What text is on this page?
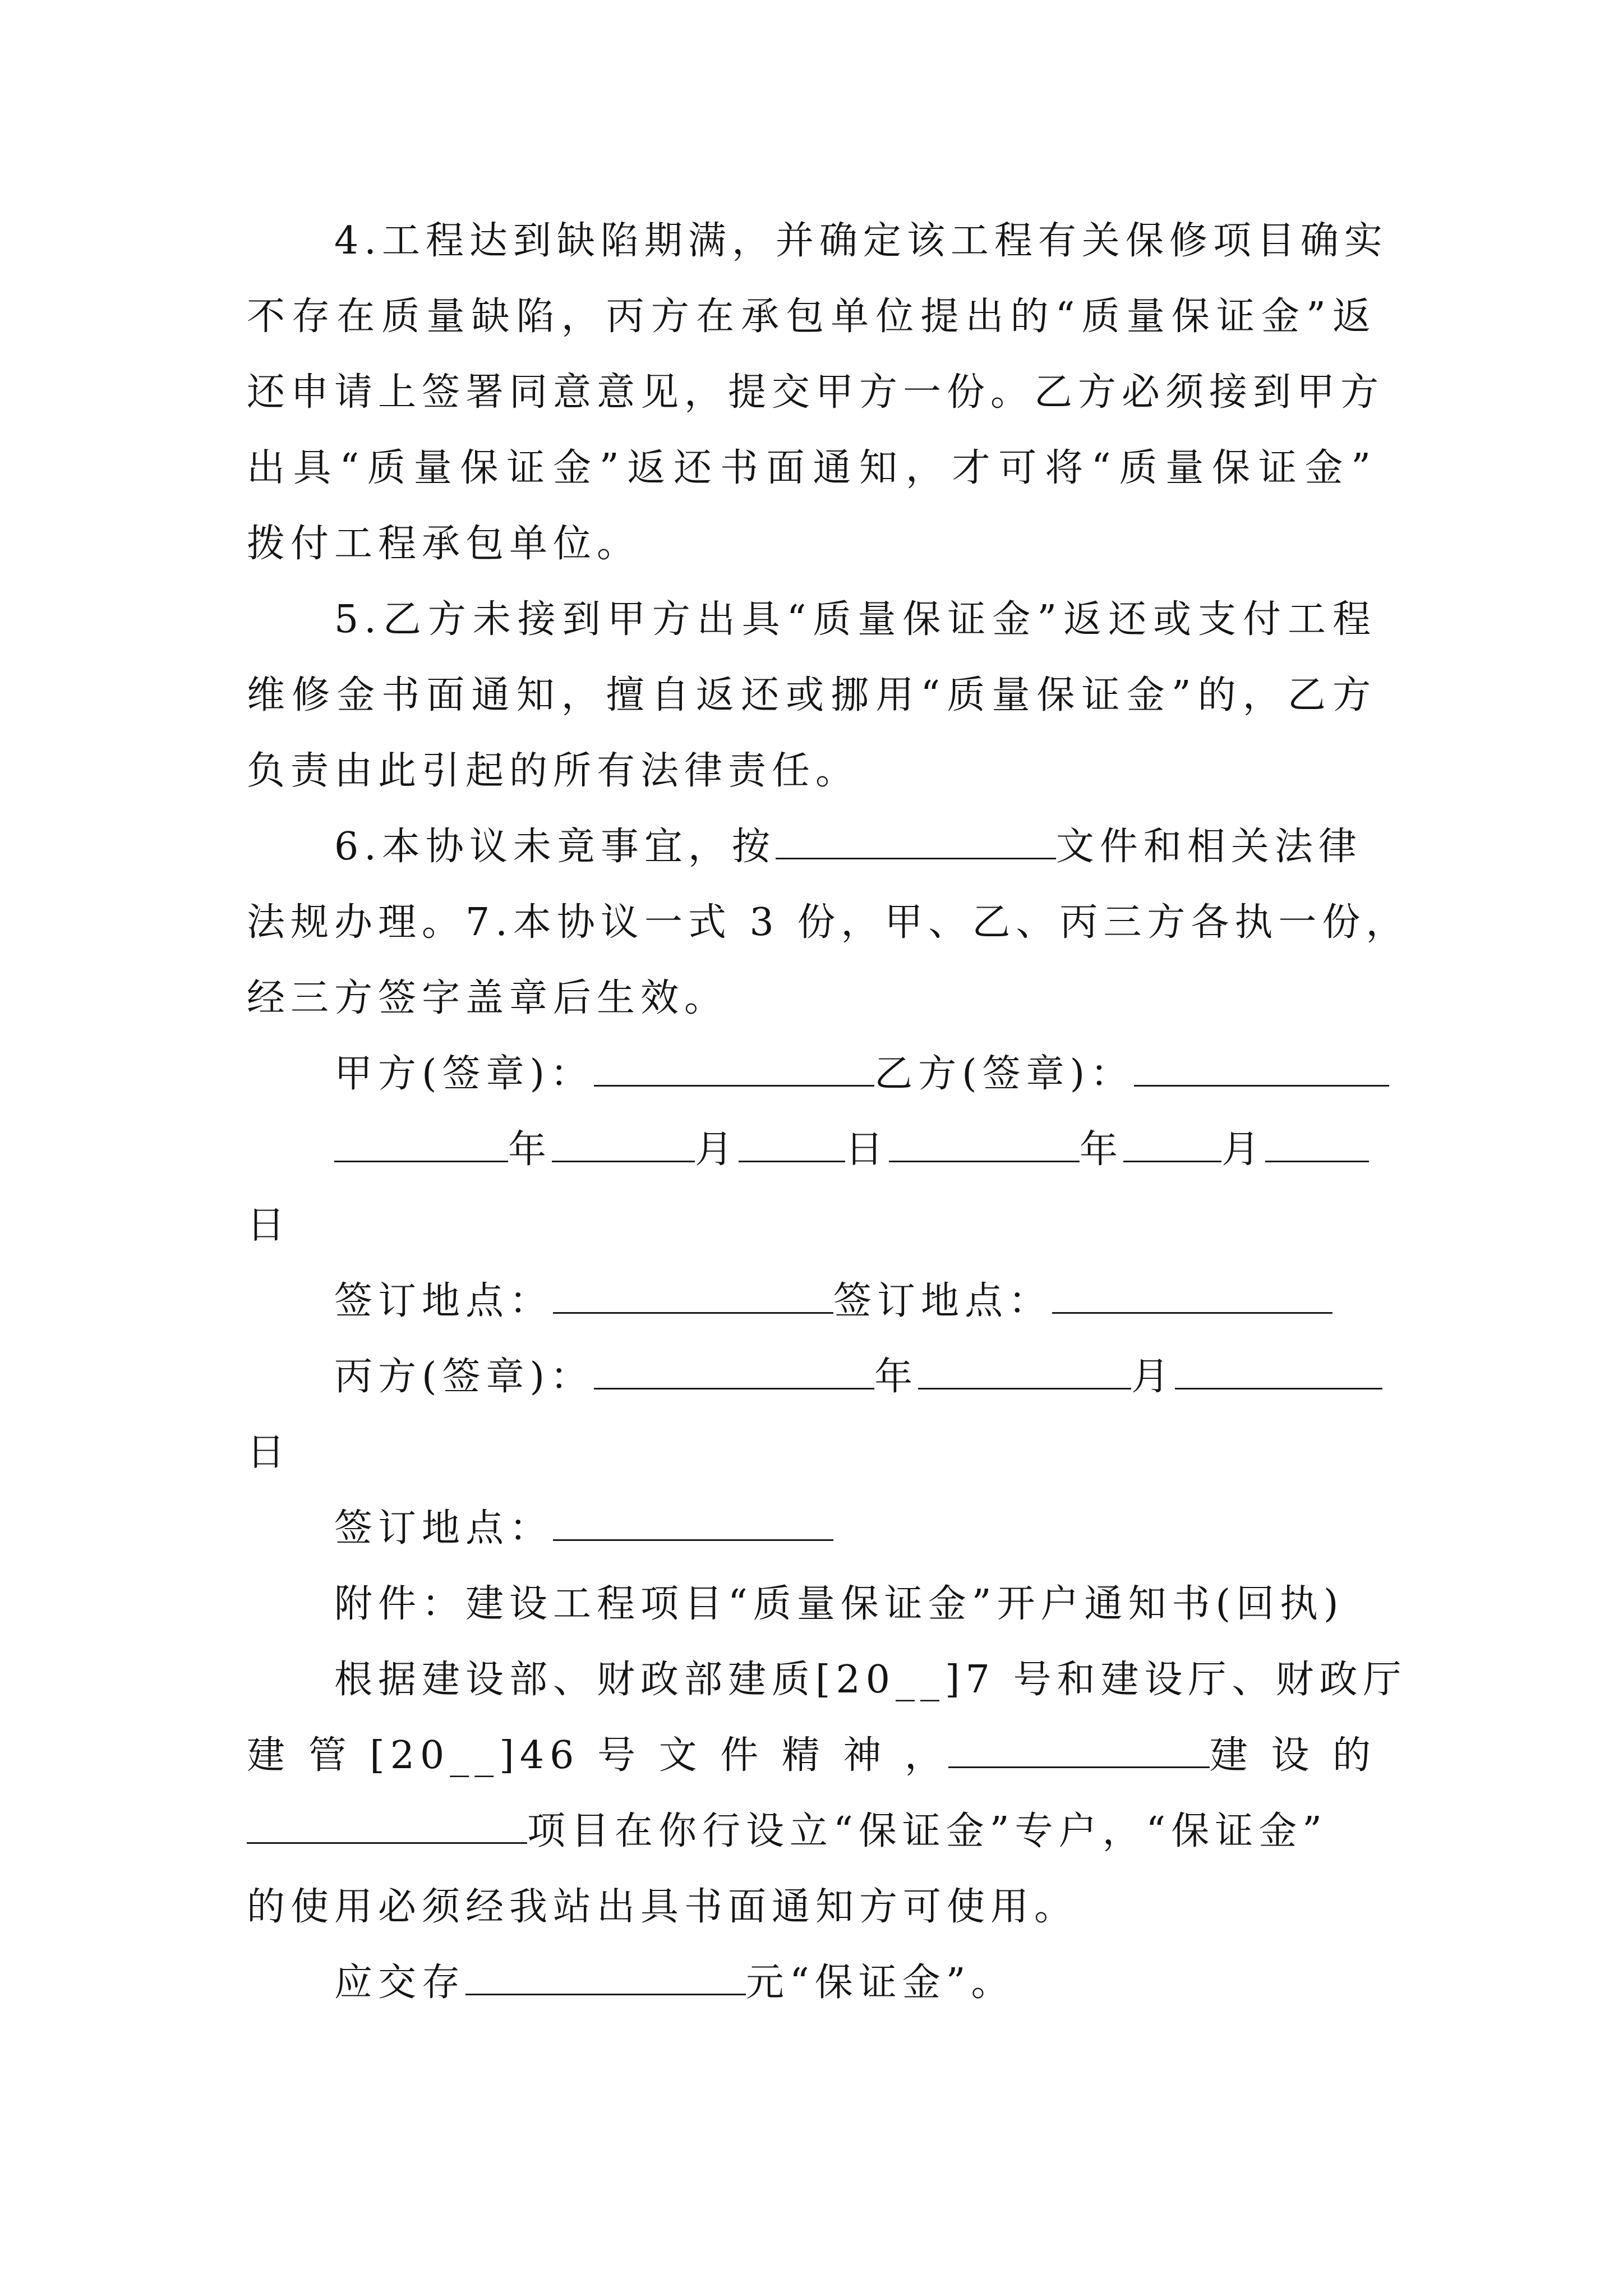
4.工程达到缺陷期满，并确定该工程有关保修项目确实
不存在质量缺陷，丙方在承包单位提出的“质量保证金”返
还申请上签署同意意见，提交甲方一份。乙方必须接到甲方
出具“质量保证金”返还书面通知，才可将“质量保证金”
拨付工程承包单位。
5.乙方未接到甲方出具“质量保证金”返还或支付工程
维修金书面通知，擅自返还或挪用“质量保证金”的，乙方
负责由此引起的所有法律责任。
6.本协议未竟事宜，按	文件和相关法律
法规办理。7.本协议一式 3 份，甲、乙、丙三方各执一份，
经三方签字盖章后生效。
甲方(签章)：	乙方(签章)：
年	月	日	年	月
日
签订地点：	签订地点：
丙方(签章)：	年	月
日
签订地点：
附件：建设工程项目“质量保证金”开户通知书(回执)
根据建设部、财政部建质[20__]7 号和建设厅、财政厅
建 管 [20__]46 号 文 件 精 神 ，	建 设 的
项目在你行设立“保证金”专户，“保证金”
的使用必须经我站出具书面通知方可使用。
应交存	元“保证金”。
